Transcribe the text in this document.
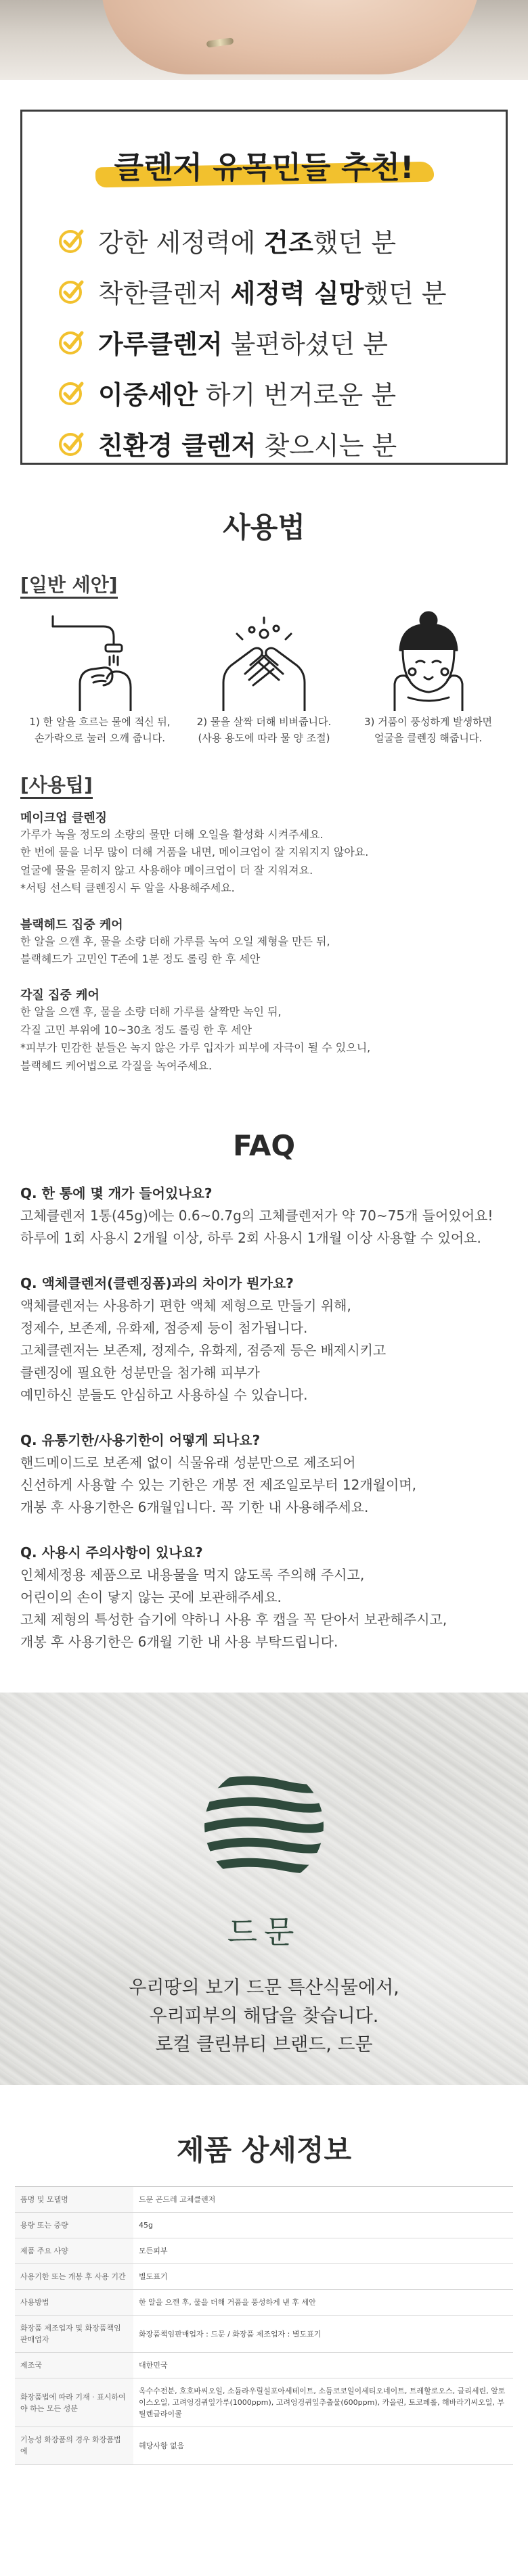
클렌저 유목민들 추천!
강한 세정력에 건조했던 분
착한클렌저 세정력 실망했던 분
가루클렌저 불편하셨던 분
이중세안 하기 번거로운 분
친환경 클렌저 찾으시는 분
사용법
[일반 세안]

1) 한 알을 흐르는 물에 적신 뒤,
손가락으로 눌러 으깨 줍니다.

2) 물을 살짝 더해 비벼줍니다.
(사용 용도에 따라 물 양 조절)

3) 거품이 풍성하게 발생하면
얼굴을 클렌징 해줍니다.

[사용팁]
메이크업 클렌징
가루가 녹을 정도의 소량의 물만 더해 오일을 활성화 시켜주세요.
한 번에 물을 너무 많이 더해 거품을 내면, 메이크업이 잘 지워지지 않아요.
얼굴에 물을 묻히지 않고 사용해야 메이크업이 더 잘 지워져요.
*서팅 선스틱 클렌징시 두 알을 사용해주세요.
블랙헤드 집중 케어
한 알을 으깬 후, 물을 소량 더해 가루를 녹여 오일 제형을 만든 뒤,
블랙헤드가 고민인 T존에 1분 정도 롤링 한 후 세안
각질 집중 케어
한 알을 으깬 후, 물을 소량 더해 가루를 살짝만 녹인 뒤,
각질 고민 부위에 10~30초 정도 롤링 한 후 세안
*피부가 민감한 분들은 녹지 않은 가루 입자가 피부에 자극이 될 수 있으니,
블랙헤드 케어법으로 각질을 녹여주세요.
FAQ
Q. 한 통에 몇 개가 들어있나요?
고체클렌저 1통(45g)에는 0.6~0.7g의 고체클렌저가 약 70~75개 들어있어요!
하루에 1회 사용시 2개월 이상, 하루 2회 사용시 1개월 이상 사용할 수 있어요.
Q. 액체클렌저(클렌징폼)과의 차이가 뭔가요?
액체클렌저는 사용하기 편한 액체 제형으로 만들기 위해,
정제수, 보존제, 유화제, 점증제 등이 첨가됩니다.
고체클렌저는 보존제, 정제수, 유화제, 점증제 등은 배제시키고
클렌징에 필요한 성분만을 첨가해 피부가
예민하신 분들도 안심하고 사용하실 수 있습니다.
Q. 유통기한/사용기한이 어떻게 되나요?
핸드메이드로 보존제 없이 식물유래 성분만으로 제조되어
신선하게 사용할 수 있는 기한은 개봉 전 제조일로부터 12개월이며,
개봉 후 사용기한은 6개월입니다. 꼭 기한 내 사용해주세요.
Q. 사용시 주의사항이 있나요?
인체세정용 제품으로 내용물을 먹지 않도록 주의해 주시고,
어린이의 손이 닿지 않는 곳에 보관해주세요.
고체 제형의 특성한 습기에 약하니 사용 후 캡을 꼭 닫아서 보관해주시고,
개봉 후 사용기한은 6개월 기한 내 사용 부탁드립니다.
드문
우리땅의 보기 드문 특산식물에서,
우리피부의 해답을 찾습니다.
로컬 클린뷰티 브랜드, 드문
제품 상세정보
품명 및 모델명	드문 곤드레 고체클렌저
용량 또는 중량	45g
제품 주요 사양	모든피부
사용기한 또는 개봉 후 사용 기간	별도표기
사용방법	한 알을 으깬 후, 물을 더해 거품을 풍성하게 낸 후 세안
화장품 제조업자 및 화장품책임판매업자	화장품책임판매업자 : 드문 / 화장품 제조업자 : 별도표기
제조국	대한민국
화장품법에 따라 기재 · 표시하여야 하는 모든 성분	옥수수전분, 호호바씨오일, 소듐라우릴설포아세테이트, 소듐코코일이세티오네이트, 트레할로오스, 글리세린, 알토이스오일, 고려엉겅퀴잎가루(1000ppm), 고려엉겅퀴잎추출물(600ppm), 카올린, 토코페롤, 해바라기씨오일, 부틸렌글라이콜
기능성 화장품의 경우 화장품법에	해당사항 없음
